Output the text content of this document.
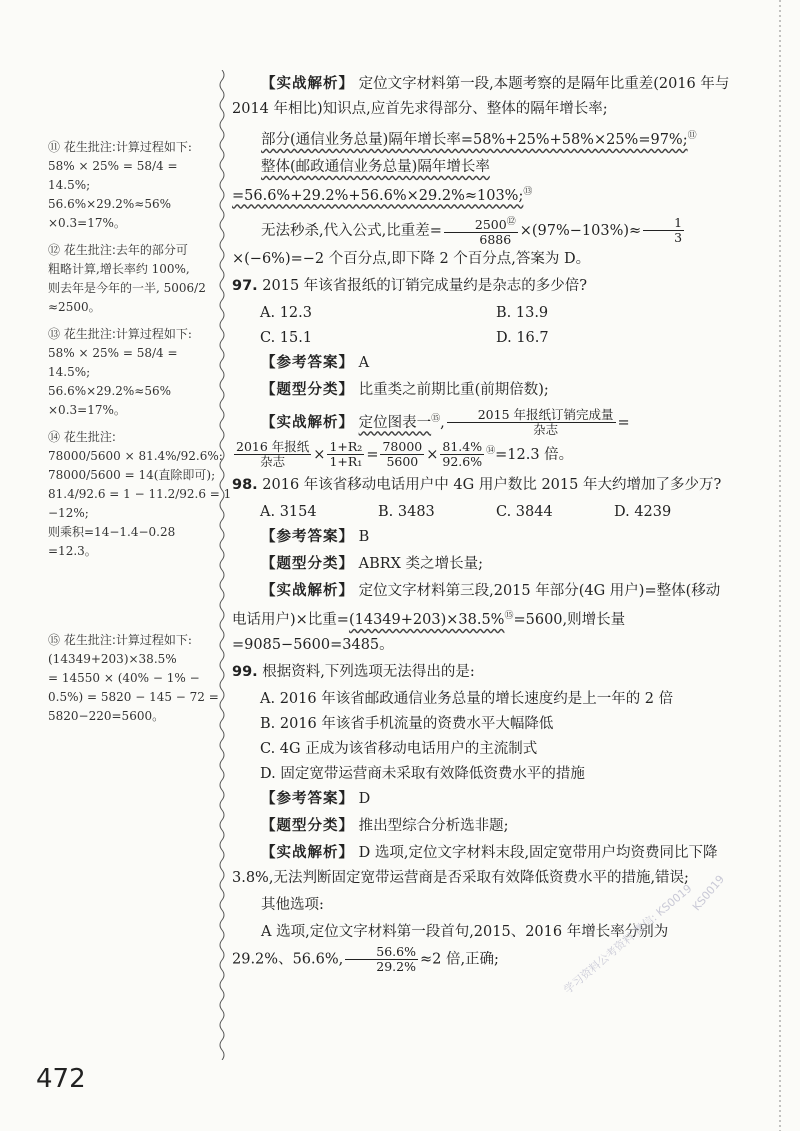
⑪ 花生批注:计算过程如下:
58% × 25% = 58/4 =
14.5%;
56.6%×29.2%≈56%
×0.3=17%。
⑫ 花生批注:去年的部分可
粗略计算,增长率约 100%,
则去年是今年的一半, 5006/2
≈2500。
⑬ 花生批注:计算过程如下:
58% × 25% = 58/4 =
14.5%;
56.6%×29.2%≈56%
×0.3=17%。
⑭ 花生批注:
78000/5600 × 81.4%/92.6%:
78000/5600 = 14(直除即可);
81.4/92.6 = 1 − 11.2/92.6 = 1
−12%;
则乘积=14−1.4−0.28
=12.3。
⑮ 花生批注:计算过程如下:
(14349+203)×38.5%
= 14550 × (40% − 1% −
0.5%) = 5820 − 145 − 72 =
5820−220=5600。

【实战解析】 定位文字材料第一段,本题考察的是隔年比重差(2016 年与 2014 年相比)知识点,应首先求得部分、整体的隔年增长率;

部分(通信业务总量)隔年增长率=58%+25%+58%×25%=97%;⑪

整体(邮政通信业务总量)隔年增长率=56.6%+29.2%+56.6%×29.2%≈103%;⑬

无法秒杀,代入公式,比重差= $\frac{2500^⑫}{6886} \times(97\%-103\%)\approx \frac{1}{3}$
×(−6%)=−2 个百分点,即下降 2 个百分点,答案为 D。

97. 2015 年该省报纸的订销完成量约是杂志的多少倍?

A. 12.3	B. 13.9
C. 15.1	D. 16.7

【参考答案】 A

【题型分类】 比重类之前期比重(前期倍数);

【实战解析】 定位图表一⑮, $\frac{\text{2015 年报纸订销完成量}}{\text{杂志}}$ =

$\frac{\text{2016 年报纸}}{\text{杂志}} \times \frac{\text{1+R₂}}{\text{1+R₁}} = \frac{78000}{5600} \times \frac{81.4\%}{92.6\%} ^⑭=12.3$ 倍。

98. 2016 年该省移动电话用户中 4G 用户数比 2015 年大约增加了多少万?

A. 3154	B. 3483	C. 3844	D. 4239

【参考答案】 B

【题型分类】 ABRX 类之增长量;

【实战解析】 定位文字材料第三段,2015 年部分(4G 用户)=整体(移动电话用户)×比重=(14349+203)×38.5%⑮=5600,则增长量=9085−5600=3485。

99. 根据资料,下列选项无法得出的是:

A. 2016 年该省邮政通信业务总量的增长速度约是上一年的 2 倍
B. 2016 年该省手机流量的资费水平大幅降低
C. 4G 正成为该省移动电话用户的主流制式
D. 固定宽带运营商未采取有效降低资费水平的措施

【参考答案】 D

【题型分类】 推出型综合分析选非题;

【实战解析】 D 选项,定位文字材料末段,固定宽带用户均资费同比下降 3.8%,无法判断固定宽带运营商是否采取有效降低资费水平的措施,错误;

其他选项:

A 选项,定位文字材料第一段首句,2015、2016 年增长率分别为 29.2%、56.6%, $\frac{56.6\%}{29.2\%} \approx 2$ 倍,正确;	学习资料公考资料 微信: KS0019
KS0019
472
